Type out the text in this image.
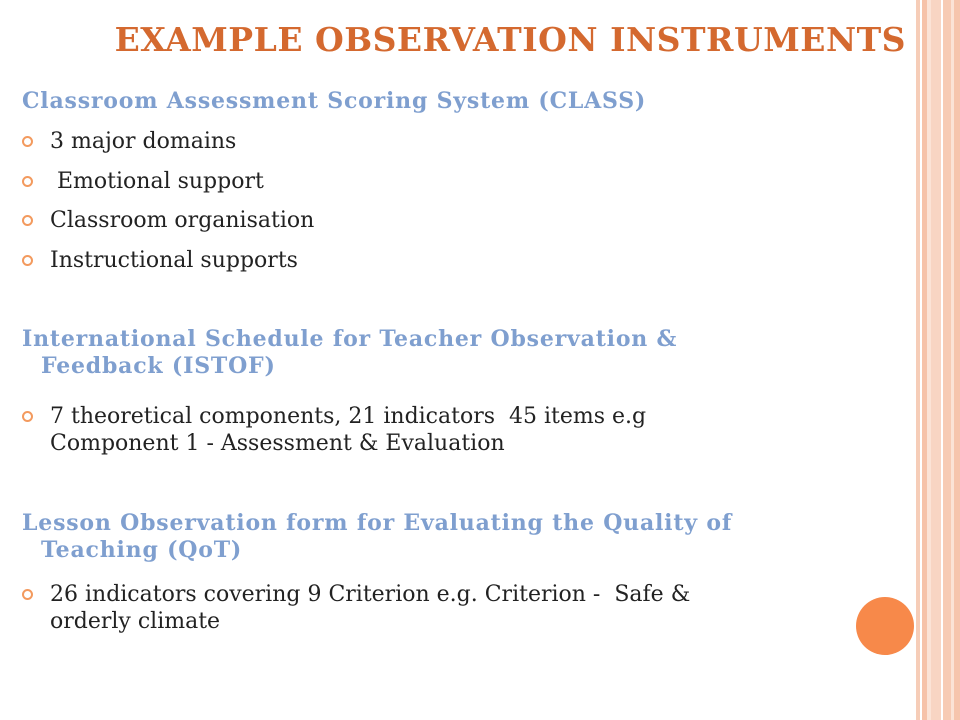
EXAMPLE OBSERVATION INSTRUMENTS
Classroom Assessment Scoring System (CLASS)
3 major domains
Emotional support
Classroom organisation
Instructional supports
International Schedule for Teacher Observation &
Feedback (ISTOF)
7 theoretical components, 21 indicators  45 items e.g
Component 1 - Assessment & Evaluation
Lesson Observation form for Evaluating the Quality of
Teaching (QoT)
26 indicators covering 9 Criterion e.g. Criterion -  Safe &
orderly climate
